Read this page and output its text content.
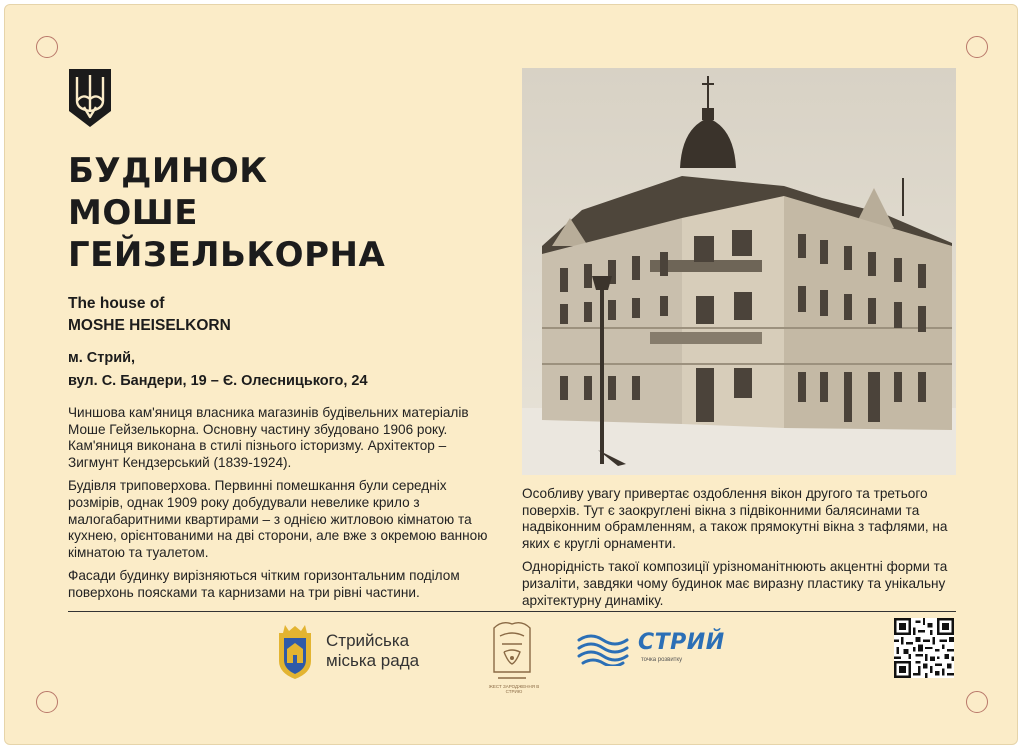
БУДИНОК
МОШЕ
ГЕЙЗЕЛЬКОРНА
The house of
MOSHE HEISELKORN
м. Стрий,
вул. С. Бандери, 19 – Є. Олесницького, 24

Чиншова кам'яниця власника магазинів будівельних матеріалів Моше Гейзелькорна. Основну частину збудовано 1906 року. Кам'яниця виконана в стилі пізнього історизму. Архітектор – Зигмунт Кендзерський (1839-1924).

Будівля триповерхова. Первинні помешкання були середніх розмірів, однак 1909 року добудували невелике крило з малогабаритними квартирами – з однією житловою кімнатою та кухнею, орієнтованими на дві сторони, але вже з окремою ванною кімнатою та туалетом.

Фасади будинку вирізняються чітким горизонтальним поділом поверхонь поясками та карнизами на три рівні частини.

Особливу увагу привертає оздоблення вікон другого та третього поверхів. Тут є заокруглені вікна з підвіконними балясинами та надвіконним обрамленням, а також прямокутні вікна з тафлями, на яких є круглі орнаменти.

Однорідність такої композиції урізноманітнюють акцентні форми та ризаліти, завдяки чому будинок має виразну пластику та унікальну архітектурну динаміку.

Стрийська
міська рада
ЖЕСТ ЗАРОДЖЕННЯ В СТРИЮ
СТРИЙ
точка розвитку
